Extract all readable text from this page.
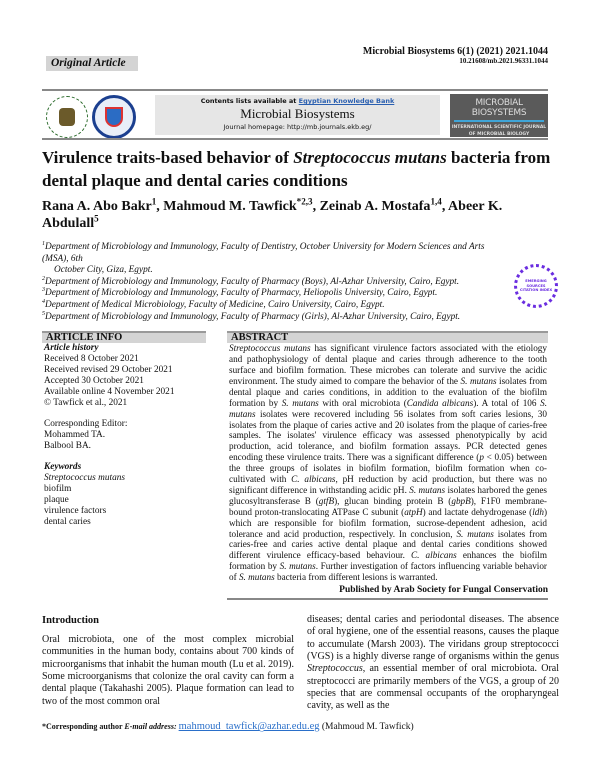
Original Article
Microbial Biosystems 6(1) (2021) 2021.1044
10.21608/mb.2021.96331.1044
Contents lists available at Egyptian Knowledge Bank
Microbial Biosystems
Journal homepage: http://mb.journals.ekb.eg/
MICROBIAL BIOSYSTEMS
INTERNATIONAL SCIENTIFIC JOURNAL
OF MICROBIAL BIOLOGY
Virulence traits-based behavior of Streptococcus mutans bacteria from dental plaque and dental caries conditions
Rana A. Abo Bakr$^1$, Mahmoud M. Tawfick$^{*2,3}$, Zeinab A. Mostafa$^{1,4}$, Abeer K. Abdulall$^5$
EMERGING SOURCES CITATION INDEX
$^1$Department of Microbiology and Immunology, Faculty of Dentistry, October University for Modern Sciences and Arts (MSA), 6th
October City, Giza, Egypt.
$^2$Department of Microbiology and Immunology, Faculty of Pharmacy (Boys), Al-Azhar University, Cairo, Egypt.
$^3$Department of Microbiology and Immunology, Faculty of Pharmacy, Heliopolis University, Cairo, Egypt.
$^4$Department of Medical Microbiology, Faculty of Medicine, Cairo University, Cairo, Egypt.
$^5$Department of Microbiology and Immunology, Faculty of Pharmacy (Girls), Al-Azhar University, Cairo, Egypt.
ARTICLE INFO
Article history
Received 8 October 2021
Received revised 29 October 2021
Accepted 30 October 2021
Available online 4 November 2021
© Tawfick et al., 2021
Corresponding Editor:
Mohammed TA.
Balbool BA.
Keywords
Streptococcus mutans
biofilm
plaque
virulence factors
dental caries
ABSTRACT
Streptococcus mutans has significant virulence factors associated with the etiology and pathophysiology of dental plaque and caries through adherence to the tooth surface and biofilm formation. These microbes can tolerate and survive the acidic environment. The study aimed to compare the behavior of the S. mutans isolates from dental plaque and caries conditions, in addition to the evaluation of the biofilm formation by S. mutans with oral microbiota (Candida albicans). A total of 106 S. mutans isolates were recovered including 56 isolates from soft caries lesions, 30 isolates from the plaque of caries active and 20 isolates from the plaque of caries-free samples. The isolates' virulence efficacy was assessed phenotypically by acid production, acid tolerance, and biofilm formation assays. PCR detected genes encoding these virulence traits. There was a significant difference (p < 0.05) between the three groups of isolates in biofilm formation, biofilm formation when co-cultivated with C. albicans, pH reduction by acid production, but there was no significant difference in withstanding acidic pH. S. mutans isolates harbored the genes glucosyltransferase B (gtfB), glucan binding protein B (gbpB), F1F0 membrane-bound proton-translocating ATPase C subunit (atpH) and lactate dehydrogenase (ldh) which are responsible for biofilm formation, sucrose-dependent adhesion, acid tolerance and acid production, respectively. In conclusion, S. mutans isolates from caries-free and caries active dental plaque and dental caries conditions showed different virulence efficacy-based behaviour. C. albicans enhances the biofilm formation by S. mutans. Further investigation of factors influencing variable behavior of S. mutans bacteria from different lesions is warranted.
Published by Arab Society for Fungal Conservation
Introduction
Oral microbiota, one of the most complex microbial communities in the human body, contains about 700 kinds of microorganisms that inhabit the human mouth (Lu et al. 2019). Some microorganisms that colonize the oral cavity can form a dental plaque (Takahashi 2005). Plaque formation can lead to two of the most common oral
diseases; dental caries and periodontal diseases. The absence of oral hygiene, one of the essential reasons, causes the plaque to accumulate (Marsh 2003). The viridans group streptococci (VGS) is a highly diverse range of organisms within the genus Streptococcus, an essential member of oral microbiota. Oral streptococci are primarily members of the VGS, a group of 20 species that are commensal occupants of the oropharyngeal cavity, as well as the
*Corresponding author E-mail address: mahmoud_tawfick@azhar.edu.eg (Mahmoud M. Tawfick)
